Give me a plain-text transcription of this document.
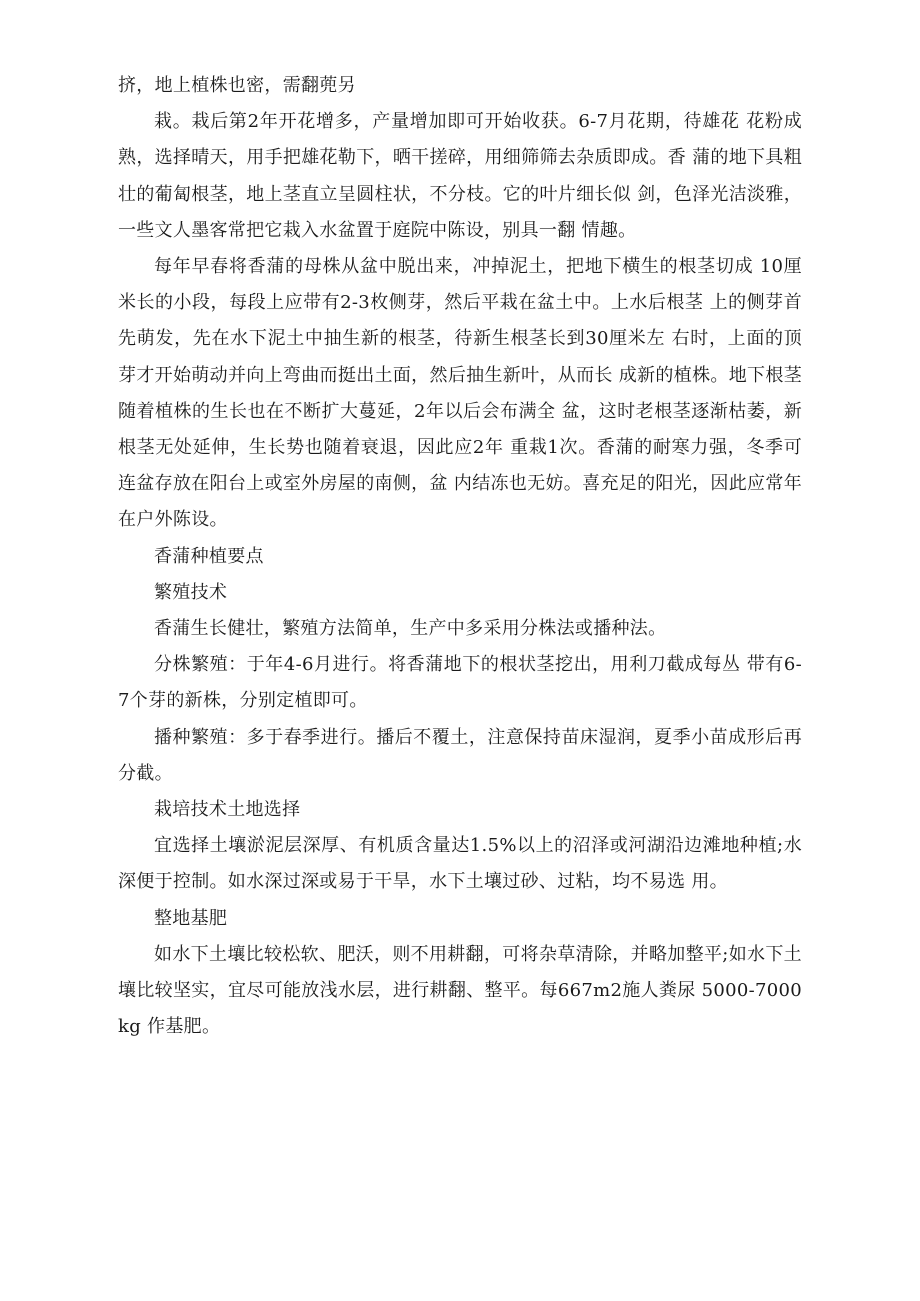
挤，地上植株也密，需翻蔸另

栽。栽后第2年开花增多，产量增加即可开始收获。6-7月花期，待雄花 花粉成熟，选择晴天，用手把雄花勒下，晒干搓碎，用细筛筛去杂质即成。香 蒲的地下具粗壮的葡匐根茎，地上茎直立呈圆柱状，不分枝。它的叶片细长似 剑，色泽光洁淡雅，一些文人墨客常把它栽入水盆置于庭院中陈设，别具一翻 情趣。

每年早春将香蒲的母株从盆中脱出来，冲掉泥土，把地下横生的根茎切成 10厘米长的小段，每段上应带有2-3枚侧芽，然后平栽在盆土中。上水后根茎 上的侧芽首先萌发，先在水下泥土中抽生新的根茎，待新生根茎长到30厘米左 右时，上面的顶芽才开始萌动并向上弯曲而挺出土面，然后抽生新叶，从而长 成新的植株。地下根茎随着植株的生长也在不断扩大蔓延，2年以后会布满全 盆，这时老根茎逐渐枯萎，新根茎无处延伸，生长势也随着衰退，因此应2年 重栽1次。香蒲的耐寒力强，冬季可连盆存放在阳台上或室外房屋的南侧，盆 内结冻也无妨。喜充足的阳光，因此应常年在户外陈设。

香蒲种植要点

繁殖技术

香蒲生长健壮，繁殖方法简单，生产中多采用分株法或播种法。

分株繁殖：于年4-6月进行。将香蒲地下的根状茎挖出，用利刀截成每丛 带有6-7个芽的新株，分别定植即可。

播种繁殖：多于春季进行。播后不覆土，注意保持苗床湿润，夏季小苗成形后再分截。

栽培技术土地选择

宜选择土壤淤泥层深厚、有机质含量达1.5%以上的沼泽或河湖沿边滩地种植;水深便于控制。如水深过深或易于干旱，水下土壤过砂、过粘，均不易选 用。

整地基肥

如水下土壤比较松软、肥沃，则不用耕翻，可将杂草清除，并略加整平;如水下土壤比较坚实，宜尽可能放浅水层，进行耕翻、整平。每667m2施人粪尿 5000-7000kg 作基肥。
